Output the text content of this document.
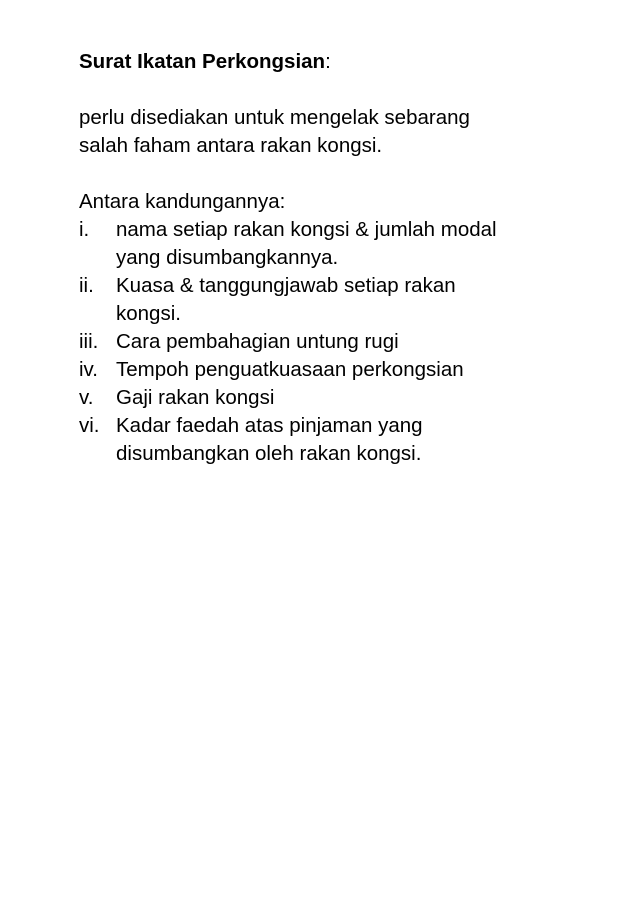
Surat Ikatan Perkongsian:
perlu disediakan untuk mengelak sebarang
salah faham antara rakan kongsi.
Antara kandungannya:
i.	nama setiap rakan kongsi & jumlah modal
yang disumbangkannya.
ii.	Kuasa & tanggungjawab setiap rakan
kongsi.
iii. Cara pembahagian untung rugi
iv. Tempoh penguatkuasaan perkongsian
v.	Gaji rakan kongsi
vi. Kadar faedah atas pinjaman yang
disumbangkan oleh rakan kongsi.
